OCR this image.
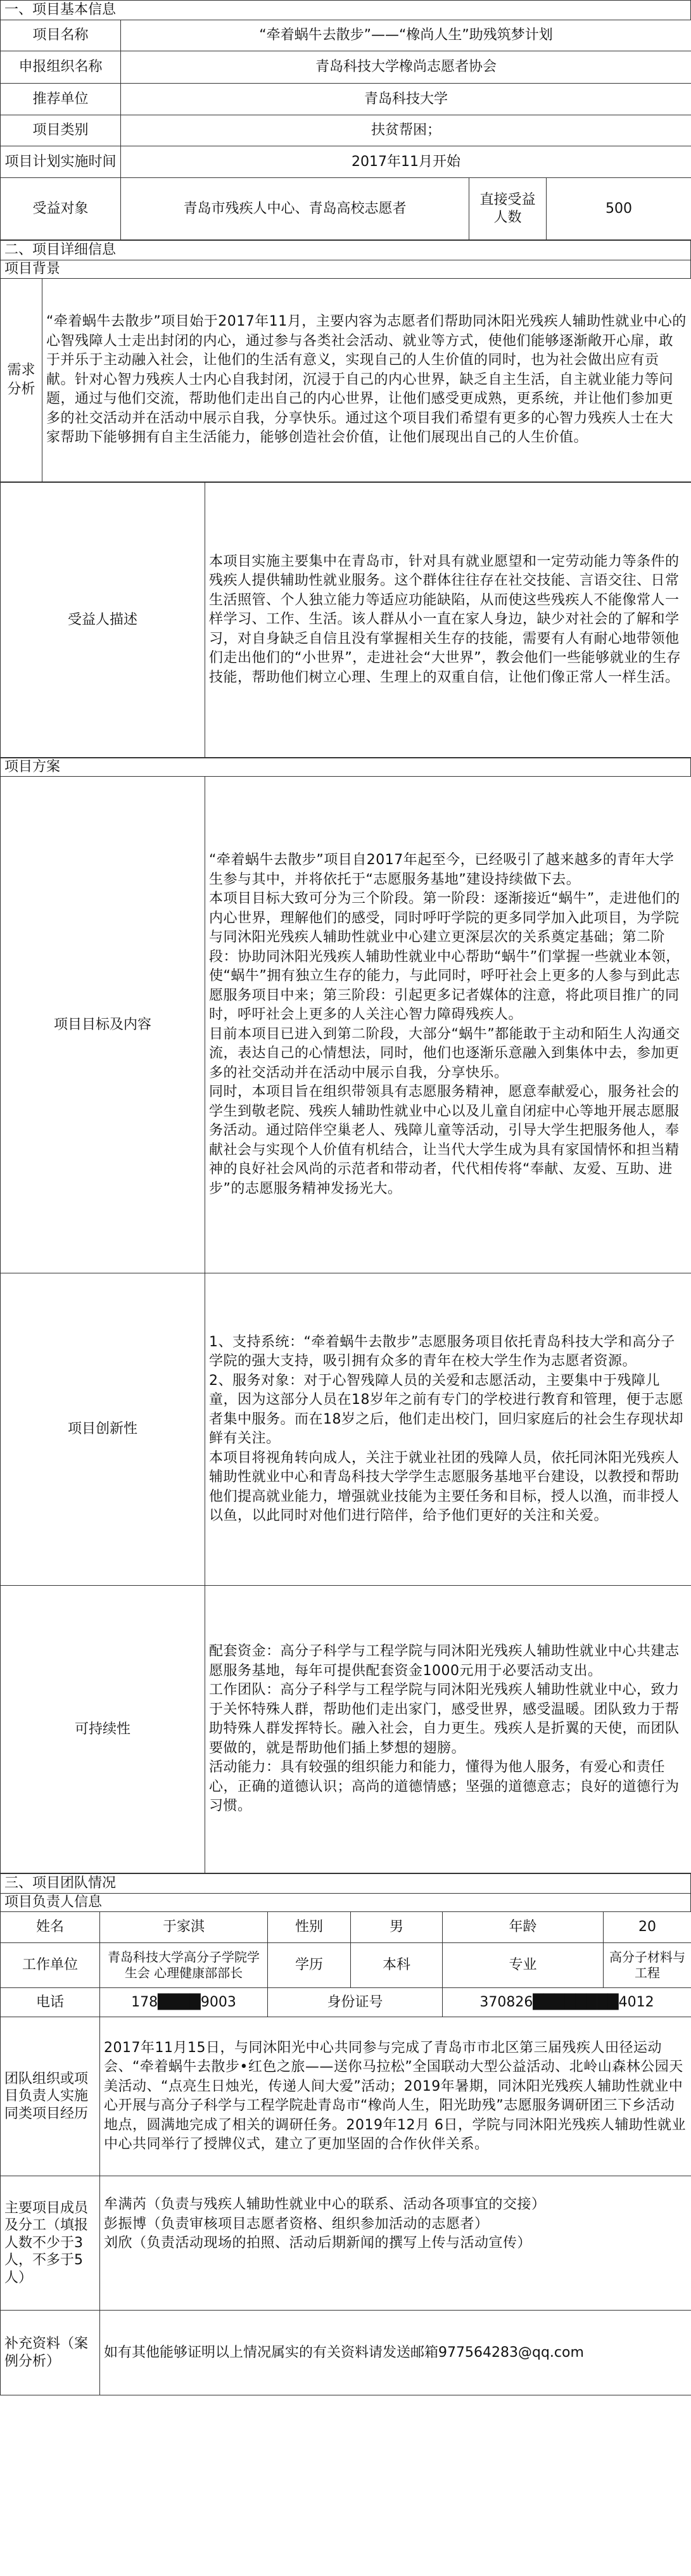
一、项目基本信息
项目名称	“牵着蜗牛去散步”——“橡尚人生”助残筑梦计划		
申报组织名称	青岛科技大学橡尚志愿者协会		
推荐单位	青岛科技大学		
项目类别	扶贫帮困；		
项目计划实施时间	2017年11月开始		
受益对象	青岛市残疾人中心、青岛高校志愿者	直接受益人数	500
二、项目详细信息
项目背景
需求分析	“牵着蜗牛去散步”项目始于2017年11月，主要内容为志愿者们帮助同沐阳光残疾人辅助性就业中心的心智残障人士走出封闭的内心，通过参与各类社会活动、就业等方式，使他们能够逐渐敞开心扉，敢于并乐于主动融入社会，让他们的生活有意义，实现自己的人生价值的同时，也为社会做出应有贡献。针对心智力残疾人士内心自我封闭，沉浸于自己的内心世界，缺乏自主生活，自主就业能力等问题，通过与他们交流，帮助他们走出自己的内心世界，让他们感受更成熟，更系统，并让他们参加更多的社交活动并在活动中展示自我，分享快乐。通过这个项目我们希望有更多的心智力残疾人士在大家帮助下能够拥有自主生活能力，能够创造社会价值，让他们展现出自己的人生价值。
受益人描述	本项目实施主要集中在青岛市，针对具有就业愿望和一定劳动能力等条件的残疾人提供辅助性就业服务。这个群体往往存在社交技能、言语交往、日常生活照管、个人独立能力等适应功能缺陷，从而使这些残疾人不能像常人一样学习、工作、生活。该人群从小一直在家人身边，缺少对社会的了解和学习，对自身缺乏自信且没有掌握相关生存的技能，需要有人有耐心地带领他们走出他们的“小世界”，走进社会“大世界”，教会他们一些能够就业的生存技能，帮助他们树立心理、生理上的双重自信，让他们像正常人一样生活。
项目方案
项目目标及内容	“牵着蜗牛去散步”项目自2017年起至今，已经吸引了越来越多的青年大学生参与其中，并将依托于“志愿服务基地”建设持续做下去。

本项目目标大致可分为三个阶段。第一阶段：逐渐接近“蜗牛”，走进他们的内心世界，理解他们的感受，同时呼吁学院的更多同学加入此项目，为学院与同沐阳光残疾人辅助性就业中心建立更深层次的关系奠定基础；第二阶段：协助同沐阳光残疾人辅助性就业中心帮助“蜗牛”们掌握一些就业本领，使“蜗牛”拥有独立生存的能力，与此同时，呼吁社会上更多的人参与到此志愿服务项目中来；第三阶段：引起更多记者媒体的注意，将此项目推广的同时，呼吁社会上更多的人关注心智力障碍残疾人。

目前本项目已进入到第二阶段，大部分“蜗牛”都能敢于主动和陌生人沟通交流，表达自己的心情想法，同时，他们也逐渐乐意融入到集体中去，参加更多的社交活动并在活动中展示自我，分享快乐。

同时，本项目旨在组织带领具有志愿服务精神，愿意奉献爱心，服务社会的学生到敬老院、残疾人辅助性就业中心以及儿童自闭症中心等地开展志愿服务活动。通过陪伴空巢老人、残障儿童等活动，引导大学生把服务他人，奉献社会与实现个人价值有机结合，让当代大学生成为具有家国情怀和担当精神的良好社会风尚的示范者和带动者，代代相传将“奉献、友爱、互助、进步”的志愿服务精神发扬光大。

项目创新性	1、支持系统：“牵着蜗牛去散步”志愿服务项目依托青岛科技大学和高分子学院的强大支持，吸引拥有众多的青年在校大学生作为志愿者资源。

2、服务对象：对于心智残障人员的关爱和志愿活动，主要集中于残障儿童，因为这部分人员在18岁年之前有专门的学校进行教育和管理，便于志愿者集中服务。而在18岁之后，他们走出校门，回归家庭后的社会生存现状却鲜有关注。

本项目将视角转向成人，关注于就业社团的残障人员，依托同沐阳光残疾人辅助性就业中心和青岛科技大学学生志愿服务基地平台建设，以教授和帮助他们提高就业能力，增强就业技能为主要任务和目标，授人以渔，而非授人以鱼，以此同时对他们进行陪伴，给予他们更好的关注和关爱。

可持续性	配套资金：高分子科学与工程学院与同沐阳光残疾人辅助性就业中心共建志愿服务基地，每年可提供配套资金1000元用于必要活动支出。

工作团队：高分子科学与工程学院与同沐阳光残疾人辅助性就业中心，致力于关怀特殊人群，帮助他们走出家门，感受世界，感受温暖。团队致力于帮助特殊人群发挥特长。融入社会，自力更生。残疾人是折翼的天使，而团队要做的，就是帮助他们插上梦想的翅膀。

活动能力：具有较强的组织能力和能力，懂得为他人服务，有爱心和责任心，正确的道德认识；高尚的道德情感；坚强的道德意志；良好的道德行为习惯。

三、项目团队情况
项目负责人信息
姓名	于家淇	性别	男	年龄	20
工作单位	青岛科技大学高分子学院学生会 心理健康部部长	学历	本科	专业	高分子材料与工程
电话	178████9003	身份证号		370826████████4012	
团队组织或项目负责人实施同类项目经历	2017年11月15日，与同沐阳光中心共同参与完成了青岛市市北区第三届残疾人田径运动会、“牵着蜗牛去散步•红色之旅——送你马拉松”全国联动大型公益活动、北岭山森林公园天美活动、“点亮生日烛光，传递人间大爱”活动；2019年暑期，同沐阳光残疾人辅助性就业中心开展与高分子科学与工程学院赴青岛市“橡尚人生，阳光助残”志愿服务调研团三下乡活动地点，圆满地完成了相关的调研任务。2019年12月 6日，学院与同沐阳光残疾人辅助性就业中心共同举行了授牌仪式，建立了更加坚固的合作伙伴关系。				
主要项目成员及分工（填报人数不少于3人，不多于5人）	牟满芮（负责与残疾人辅助性就业中心的联系、活动各项事宜的交接）

彭振博（负责审核项目志愿者资格、组织参加活动的志愿者）

刘欣（负责活动现场的拍照、活动后期新闻的撰写上传与活动宣传）				

补充资料（案例分析）	如有其他能够证明以上情况属实的有关资料请发送邮箱977564283@qq.com				
